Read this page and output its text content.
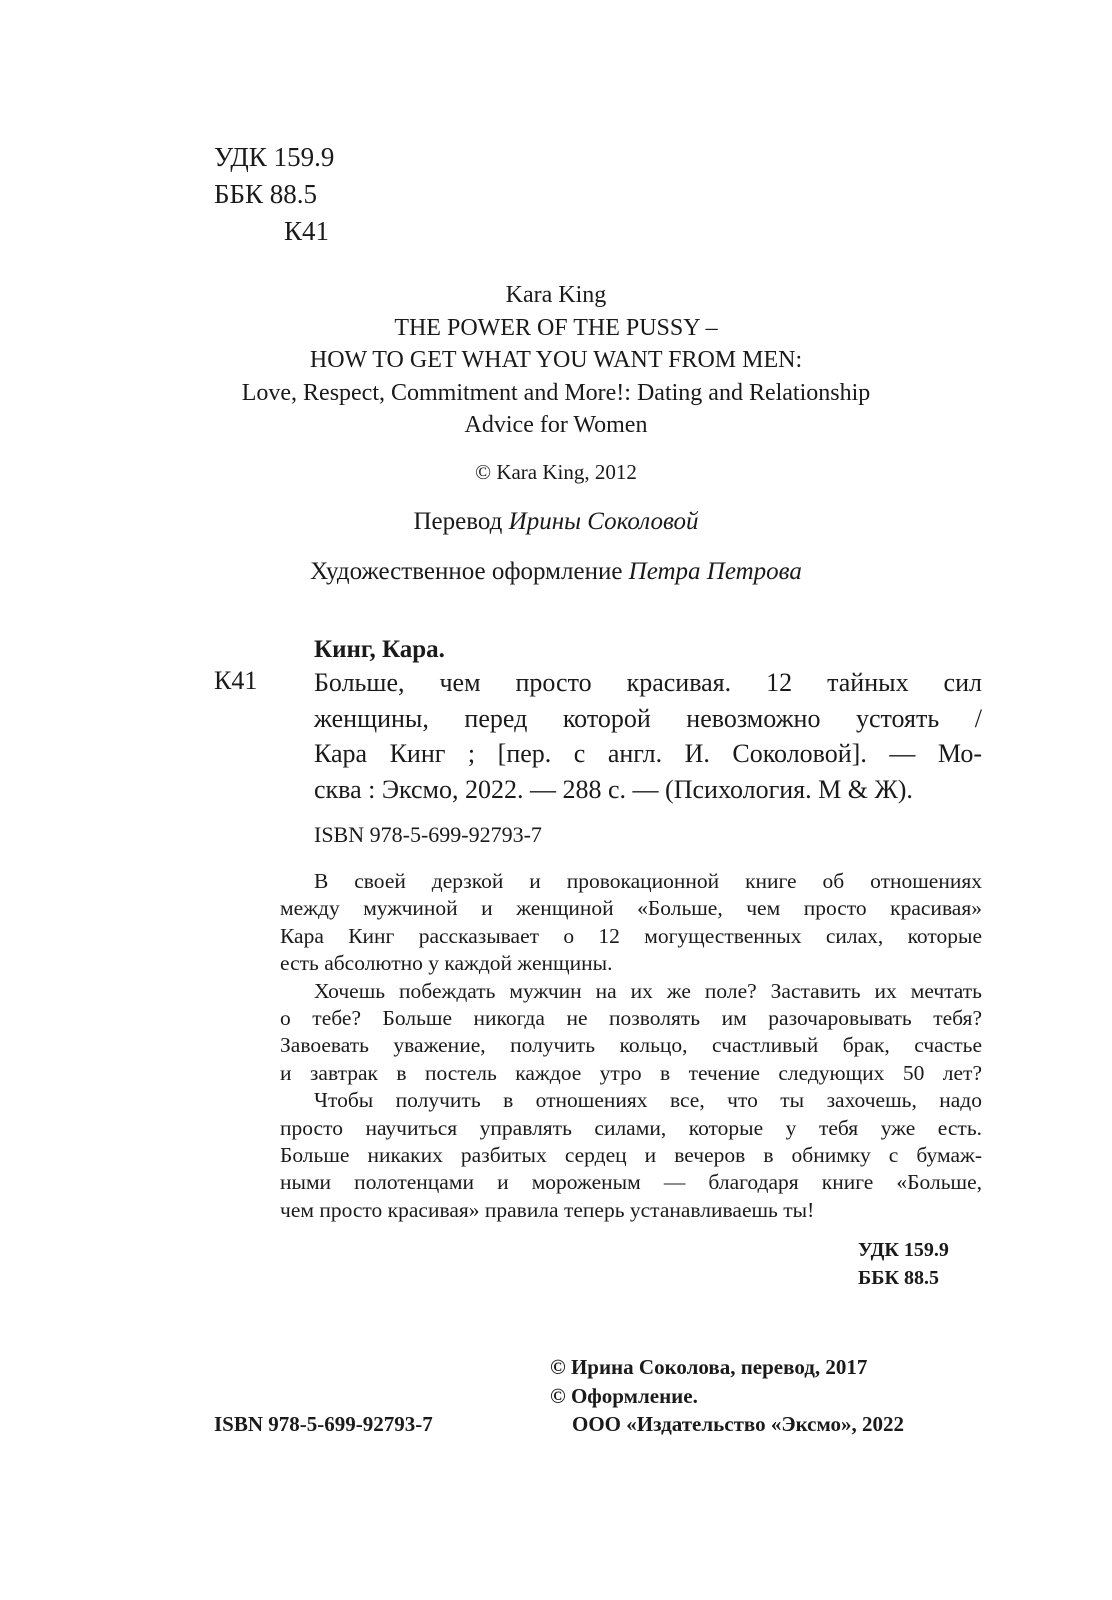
УДК 159.9
ББК 88.5
К41
Kara King
THE POWER OF THE PUSSY –
HOW TO GET WHAT YOU WANT FROM MEN:
Love, Respect, Commitment and More!: Dating and Relationship
Advice for Women
© Kara King, 2012
Перевод Ирины Соколовой
Художественное оформление Петра Петрова
Кинг, Кара.
К41 Больше, чем просто красивая. 12 тайных сил
женщины, перед которой невозможно устоять /
Кара Кинг ; [пер. с англ. И. Соколовой]. — Мо-
сква : Эксмо, 2022. — 288 с. — (Психология. М & Ж).
ISBN 978-5-699-92793-7
В своей дерзкой и провокационной книге об отношениях
между мужчиной и женщиной «Больше, чем просто красивая»
Кара Кинг рассказывает о 12 могущественных силах, которые
есть абсолютно у каждой женщины.
Хочешь побеждать мужчин на их же поле? Заставить их мечтать
о тебе? Больше никогда не позволять им разочаровывать тебя?
Завоевать уважение, получить кольцо, счастливый брак, счастье
и завтрак в постель каждое утро в течение следующих 50 лет?
Чтобы получить в отношениях все, что ты захочешь, надо
просто научиться управлять силами, которые у тебя уже есть.
Больше никаких разбитых сердец и вечеров в обнимку с бумаж-
ными полотенцами и мороженым — благодаря книге «Больше,
чем просто красивая» правила теперь устанавливаешь ты!
УДК 159.9
ББК 88.5
© Ирина Соколова, перевод, 2017
© Оформление.
ООО «Издательство «Эксмо», 2022
ISBN 978-5-699-92793-7
